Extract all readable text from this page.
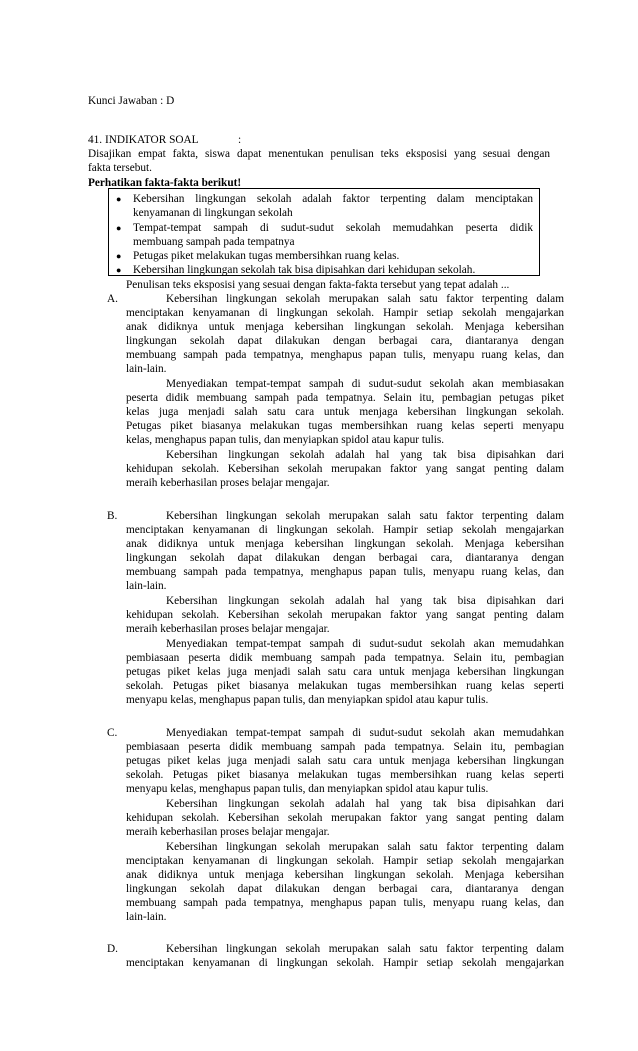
Kunci Jawaban : D

41. INDIKATOR SOAL	:

Disajikan empat fakta, siswa dapat menentukan penulisan teks eksposisi yang sesuai dengan

fakta tersebut.

Perhatikan fakta-fakta berikut!

● Kebersihan lingkungan sekolah adalah faktor terpenting dalam menciptakan

kenyamanan di lingkungan sekolah

● Tempat-tempat sampah di sudut-sudut sekolah memudahkan peserta didik

membuang sampah pada tempatnya

● Petugas piket melakukan tugas membersihkan ruang kelas.

● Kebersihan lingkungan sekolah tak bisa dipisahkan dari kehidupan sekolah.

Penulisan teks eksposisi yang sesuai dengan fakta-fakta tersebut yang tepat adalah ...

A.	Kebersihan lingkungan sekolah merupakan salah satu faktor terpenting dalam

menciptakan kenyamanan di lingkungan sekolah. Hampir setiap sekolah mengajarkan

anak didiknya untuk menjaga kebersihan lingkungan sekolah. Menjaga kebersihan

lingkungan sekolah dapat dilakukan dengan berbagai cara, diantaranya dengan

membuang sampah pada tempatnya, menghapus papan tulis, menyapu ruang kelas, dan

lain-lain.

Menyediakan tempat-tempat sampah di sudut-sudut sekolah akan membiasakan

peserta didik membuang sampah pada tempatnya. Selain itu, pembagian petugas piket

kelas juga menjadi salah satu cara untuk menjaga kebersihan lingkungan sekolah.

Petugas piket biasanya melakukan tugas membersihkan ruang kelas seperti menyapu

kelas, menghapus papan tulis, dan menyiapkan spidol atau kapur tulis.

Kebersihan lingkungan sekolah adalah hal yang tak bisa dipisahkan dari

kehidupan sekolah. Kebersihan sekolah merupakan faktor yang sangat penting dalam

meraih keberhasilan proses belajar mengajar.

B.	Kebersihan lingkungan sekolah merupakan salah satu faktor terpenting dalam

menciptakan kenyamanan di lingkungan sekolah. Hampir setiap sekolah mengajarkan

anak didiknya untuk menjaga kebersihan lingkungan sekolah. Menjaga kebersihan

lingkungan sekolah dapat dilakukan dengan berbagai cara, diantaranya dengan

membuang sampah pada tempatnya, menghapus papan tulis, menyapu ruang kelas, dan

lain-lain.

Kebersihan lingkungan sekolah adalah hal yang tak bisa dipisahkan dari

kehidupan sekolah. Kebersihan sekolah merupakan faktor yang sangat penting dalam

meraih keberhasilan proses belajar mengajar.

Menyediakan tempat-tempat sampah di sudut-sudut sekolah akan memudahkan

pembiasaan peserta didik membuang sampah pada tempatnya. Selain itu, pembagian

petugas piket kelas juga menjadi salah satu cara untuk menjaga kebersihan lingkungan

sekolah. Petugas piket biasanya melakukan tugas membersihkan ruang kelas seperti

menyapu kelas, menghapus papan tulis, dan menyiapkan spidol atau kapur tulis.

C.	Menyediakan tempat-tempat sampah di sudut-sudut sekolah akan memudahkan

pembiasaan peserta didik membuang sampah pada tempatnya. Selain itu, pembagian

petugas piket kelas juga menjadi salah satu cara untuk menjaga kebersihan lingkungan

sekolah. Petugas piket biasanya melakukan tugas membersihkan ruang kelas seperti

menyapu kelas, menghapus papan tulis, dan menyiapkan spidol atau kapur tulis.

Kebersihan lingkungan sekolah adalah hal yang tak bisa dipisahkan dari

kehidupan sekolah. Kebersihan sekolah merupakan faktor yang sangat penting dalam

meraih keberhasilan proses belajar mengajar.

Kebersihan lingkungan sekolah merupakan salah satu faktor terpenting dalam

menciptakan kenyamanan di lingkungan sekolah. Hampir setiap sekolah mengajarkan

anak didiknya untuk menjaga kebersihan lingkungan sekolah. Menjaga kebersihan

lingkungan sekolah dapat dilakukan dengan berbagai cara, diantaranya dengan

membuang sampah pada tempatnya, menghapus papan tulis, menyapu ruang kelas, dan

lain-lain.

D.	Kebersihan lingkungan sekolah merupakan salah satu faktor terpenting dalam

menciptakan kenyamanan di lingkungan sekolah. Hampir setiap sekolah mengajarkan
